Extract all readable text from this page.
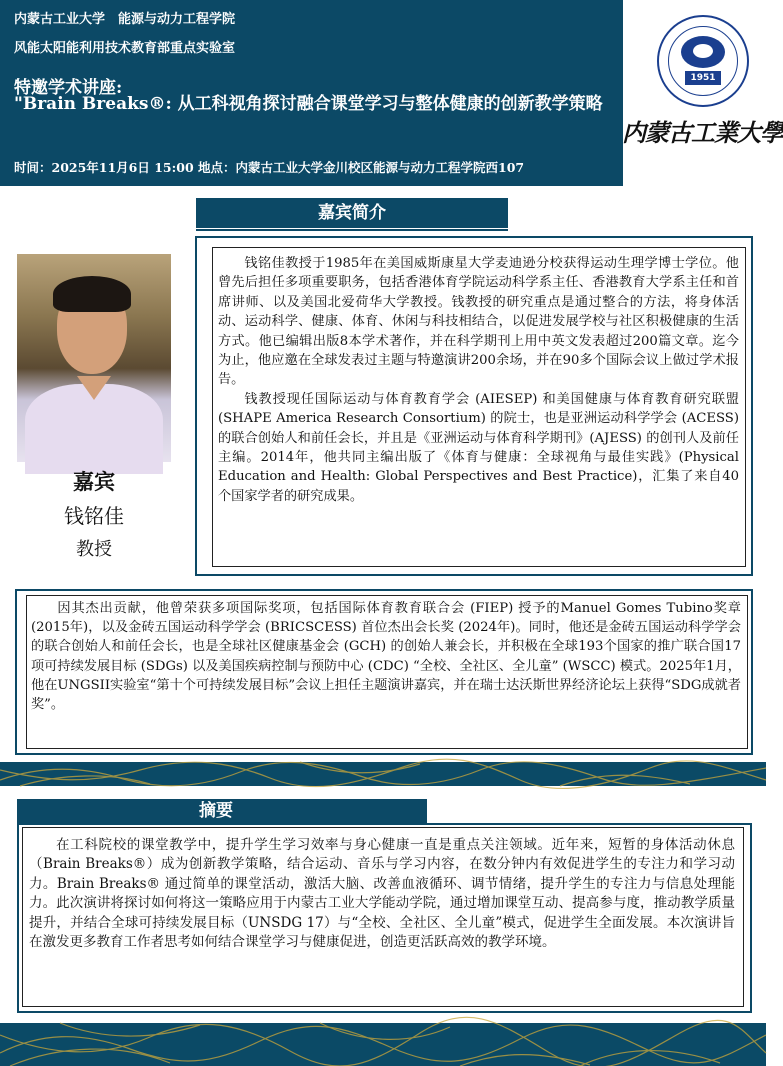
内蒙古工业大学　能源与动力工程学院
风能太阳能利用技术教育部重点实验室
特邀学术讲座:
"Brain Breaks®: 从工科视角探讨融合课堂学习与整体健康的创新教学策略
时间：2025年11月6日 15:00 地点：内蒙古工业大学金川校区能源与动力工程学院西107
1951
内蒙古工業大學
嘉宾简介
嘉宾
钱铭佳
教授

钱铭佳教授于1985年在美国威斯康星大学麦迪逊分校获得运动生理学博士学位。他曾先后担任多项重要职务，包括香港体育学院运动科学系主任、香港教育大学系主任和首席讲师、以及美国北爱荷华大学教授。钱教授的研究重点是通过整合的方法，将身体活动、运动科学、健康、体育、休闲与科技相结合，以促进发展学校与社区积极健康的生活方式。他已编辑出版8本学术著作，并在科学期刊上用中英文发表超过200篇文章。迄今为止，他应邀在全球发表过主题与特邀演讲200余场，并在90多个国际会议上做过学术报告。

钱教授现任国际运动与体育教育学会 (AIESEP) 和美国健康与体育教育研究联盟 (SHAPE America Research Consortium) 的院士，也是亚洲运动科学学会 (ACESS) 的联合创始人和前任会长，并且是《亚洲运动与体育科学期刊》(AJESS) 的创刊人及前任主编。2014年，他共同主编出版了《体育与健康：全球视角与最佳实践》(Physical Education and Health: Global Perspectives and Best Practice)，汇集了来自40个国家学者的研究成果。

因其杰出贡献，他曾荣获多项国际奖项，包括国际体育教育联合会 (FIEP) 授予的Manuel Gomes Tubino奖章 (2015年)，以及金砖五国运动科学学会 (BRICSCESS) 首位杰出会长奖 (2024年)。同时，他还是金砖五国运动科学学会的联合创始人和前任会长，也是全球社区健康基金会 (GCH) 的创始人兼会长，并积极在全球193个国家的推广联合国17项可持续发展目标 (SDGs) 以及美国疾病控制与预防中心 (CDC) “全校、全社区、全儿童” (WSCC) 模式。2025年1月，他在UNGSII实验室“第十个可持续发展目标”会议上担任主题演讲嘉宾，并在瑞士达沃斯世界经济论坛上获得“SDG成就者奖”。

摘要

在工科院校的课堂教学中，提升学生学习效率与身心健康一直是重点关注领域。近年来，短暂的身体活动休息（Brain Breaks®）成为创新教学策略，结合运动、音乐与学习内容，在数分钟内有效促进学生的专注力和学习动力。Brain Breaks® 通过简单的课堂活动，激活大脑、改善血液循环、调节情绪，提升学生的专注力与信息处理能力。此次演讲将探讨如何将这一策略应用于内蒙古工业大学能动学院，通过增加课堂互动、提高参与度，推动教学质量提升，并结合全球可持续发展目标（UNSDG 17）与“全校、全社区、全儿童”模式，促进学生全面发展。本次演讲旨在激发更多教育工作者思考如何结合课堂学习与健康促进，创造更活跃高效的教学环境。
